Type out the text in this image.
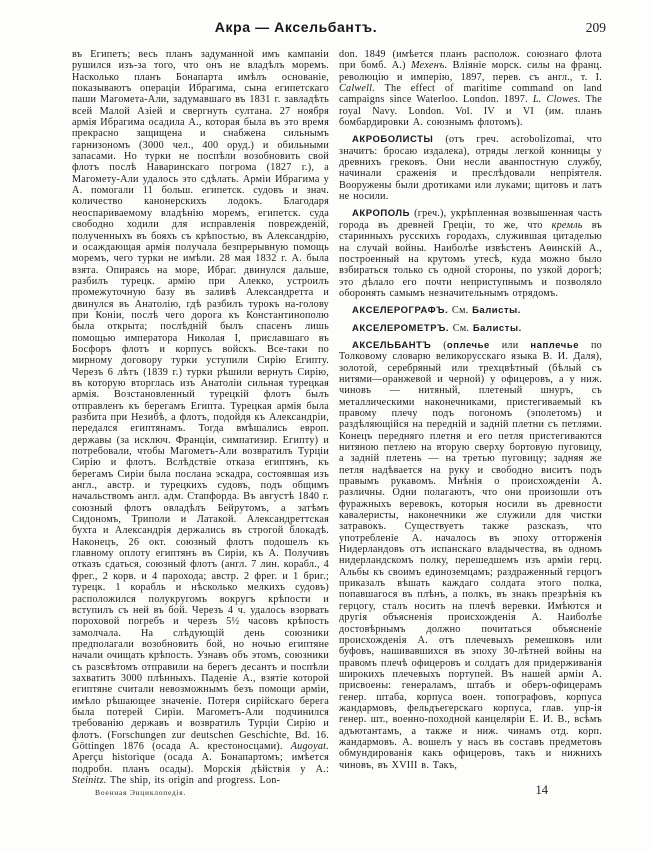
Акра — Аксельбантъ.	209

въ Египетъ; весь планъ задуманной имъ кампаніи рушился изъ-за того, что онъ не владѣлъ моремъ. Насколько планъ Бонапарта имѣлъ основаніе, показываютъ операціи Ибрагима, сына египетскаго паши Магомета-Али, задумавшаго въ 1831 г. завладѣть всей Малой Азіей и свергнуть султана. 27 ноября армія Ибрагима осадила А., которая была въ это время прекрасно защищена и снабжена сильнымъ гарнизономъ (3000 чел., 400 оруд.) и обильными запасами. Но турки не поспѣли возобновить свой флотъ послѣ Наваринскаго погрома (1827 г.), а Магомету-Али удалось это сдѣлать. Арміи Ибрагима у А. помогали 11 больш. египетск. судовъ и знач. количество канонерскихъ лодокъ. Благодаря неоспариваемому владѣнію моремъ, египетск. суда свободно ходили для исправленія поврежденій, полученныхъ въ бояхъ съ крѣпостью, въ Александрію, и осаждающая армія получала безпрерывную помощь моремъ, чего турки не имѣли. 28 мая 1832 г. А. была взята. Опираясь на море, Ибраг. двинулся дальше, разбилъ турецк. армію при Алекко, устроилъ промежуточную базу въ заливѣ Александретта и двинулся въ Анатолію, гдѣ разбилъ турокъ на-голову при Коніи, послѣ чего дорога къ Константинополю была открыта; послѣдній былъ спасенъ лишь помощью императора Николая I, приславшаго въ Босфоръ флотъ и корпусъ войскъ. Все-таки по мирному договору турки уступили Сирію Египту. Черезъ 6 лѣтъ (1839 г.) турки рѣшили вернуть Сирію, въ которую вторглась изъ Анатоліи сильная турецкая армія. Возстановленный турецкій флотъ былъ отправленъ къ берегамъ Египта. Турецкая армія была разбита при Незибѣ, а флотъ, подойдя къ Александріи, передался египтянамъ. Тогда вмѣшались европ. державы (за исключ. Франціи, симпатизир. Египту) и потребовали, чтобы Магометъ-Али возвратилъ Турціи Сирію и флотъ. Вслѣдствіе отказа египтянъ, къ берегамъ Сиріи была послана эскадра, состоявшая изъ англ., австр. и турецкихъ судовъ, подъ общимъ начальствомъ англ. адм. Стапфорда. Въ августѣ 1840 г. союзный флотъ овладѣлъ Бейрутомъ, а затѣмъ Сидономъ, Триполи и Латакой. Александреттская бухта и Александрія держались въ строгой блокадѣ. Наконецъ, 26 окт. союзный флотъ подошелъ къ главному оплоту египтянъ въ Сиріи, къ А. Получивъ отказъ сдаться, союзный флотъ (англ. 7 лин. корабл., 4 фрег., 2 корв. и 4 парохода; австр. 2 фрег. и 1 бриг.; турецк. 1 корабль и нѣсколько мелкихъ судовъ) расположился полукругомъ вокругъ крѣпости и вступилъ съ ней въ бой. Черезъ 4 ч. удалось взорвать пороховой погребъ и черезъ 5½ часовъ крѣпость замолчала. На слѣдующій день союзники предполагали возобновить бой, но ночью египтяне начали очищать крѣпость. Узнавъ объ этомъ, союзники съ разсвѣтомъ отправили на берегъ десантъ и поспѣли захватить 3000 плѣнныхъ. Паденіе А., взятіе которой египтяне считали невозможнымъ безъ помощи арміи, имѣло рѣшающее значеніе. Потеря сирійскаго берега была потерей Сиріи. Магометъ-Али подчинился требованію державъ и возвратилъ Турціи Сирію и флотъ. (Forschungen zur deutschen Geschichte, Bd. 16. Göttingen 1876 (осада А. крестоносцами). Augoyat. Aperçu historique (осада А. Бонапартомъ; имѣется подробн. планъ осады). Морскія дѣйствія у А.: Steinitz. The ship, its origin and progress. Lon-

don. 1849 (имѣется планъ располож. союзнаго флота при бомб. А.) Мехенъ. Вліяніе морск. силы на франц. революцію и имперію, 1897, перев. съ англ., т. I. Calwell. The effect of maritime command on land campaigns since Waterloo. London. 1897. L. Clowes. The royal Navy. London. Vol. IV и VI (им. планъ бомбардировки А. союзнымъ флотомъ).

АКРОБОЛИСТЫ (отъ греч. acrobolizomai, что значитъ: бросаю издалека), отряды легкой конницы у древнихъ грековъ. Они несли аванпостную службу, начинали сраженія и преслѣдовали непріятеля. Вооружены были дротиками или луками; щитовъ и латъ не носили.

АКРОПОЛЬ (греч.), укрѣпленная возвышенная часть города въ древней Греціи, то же, что кремль въ старинныхъ русскихъ городахъ, служившая цитаделью на случай войны. Наиболѣе извѣстенъ Аѳинскій А., построенный на крутомъ утесѣ, куда можно было взбираться только съ одной стороны, по узкой дорогѣ; это дѣлало его почти неприступнымъ и позволяло оборонять самымъ незначительнымъ отрядомъ.

АКСЕЛЕРОГРАФЪ. См. Балисты.

АКСЕЛЕРОМЕТРЪ. См. Балисты.

АКСЕЛЬБАНТЪ (оплечье или наплечье по Толковому словарю великорусскаго языка В. И. Даля), золотой, серебряный или трехцвѣтный (бѣлый съ нитями—оранжевой и черной) у офицеровъ, а у ниж. чиновъ — нитяный, плетеный шнуръ, съ металлическими наконечниками, пристегиваемый къ правому плечу подъ погономъ (эполетомъ) и раздѣляющійся на передній и задній плетни съ петлями. Конецъ передняго плетня и его петля пристегиваются нитяною петлею на вторую сверху бортовую пуговицу, а задній плетень — на третью пуговицу; задняя же петля надѣвается на руку и свободно виситъ подъ правымъ рукавомъ. Мнѣнія о происхожденіи А. различны. Одни полагаютъ, что они произошли отъ фуражныхъ веревокъ, которыя носили въ древности кавалеристы, наконечники же служили для чистки затравокъ. Существуетъ также разсказъ, что употребленіе А. началось въ эпоху отторженія Нидерландовъ отъ испанскаго владычества, въ одномъ нидерландскомъ полку, перешедшемъ изъ арміи герц. Альбы къ своимъ единоземцамъ; раздраженный герцогъ приказалъ вѣшать каждаго солдата этого полка, попавшагося въ плѣнъ, а полкъ, въ знакъ презрѣнія къ герцогу, сталъ носить на плечѣ веревки. Имѣются и другія объясненія происхожденія А. Наиболѣе достовѣрнымъ должно почитаться объясненіе происхожденія А. отъ плечевыхъ ремешковъ или буфовъ, нашивавшихся въ эпоху 30-лѣтней войны на правомъ плечѣ офицеровъ и солдатъ для придерживанія широкихъ плечевыхъ портупей. Въ нашей арміи А. присвоены: генераламъ, штабъ и оберъ-офицерамъ генер. штаба, корпуса воен. топографовъ, корпуса жандармовъ, фельдъегерскаго корпуса, глав. упр-ія генер. шт., военно-походной канцеляріи Е. И. В., всѣмъ адъютантамъ, а также и ниж. чинамъ отд. корп. жандармовъ. А. вошелъ у насъ въ составъ предметовъ обмундированія какъ офицеровъ, такъ и нижнихъ чиновъ, въ XVIII в. Такъ,

Военная Энциклопедія.	14
